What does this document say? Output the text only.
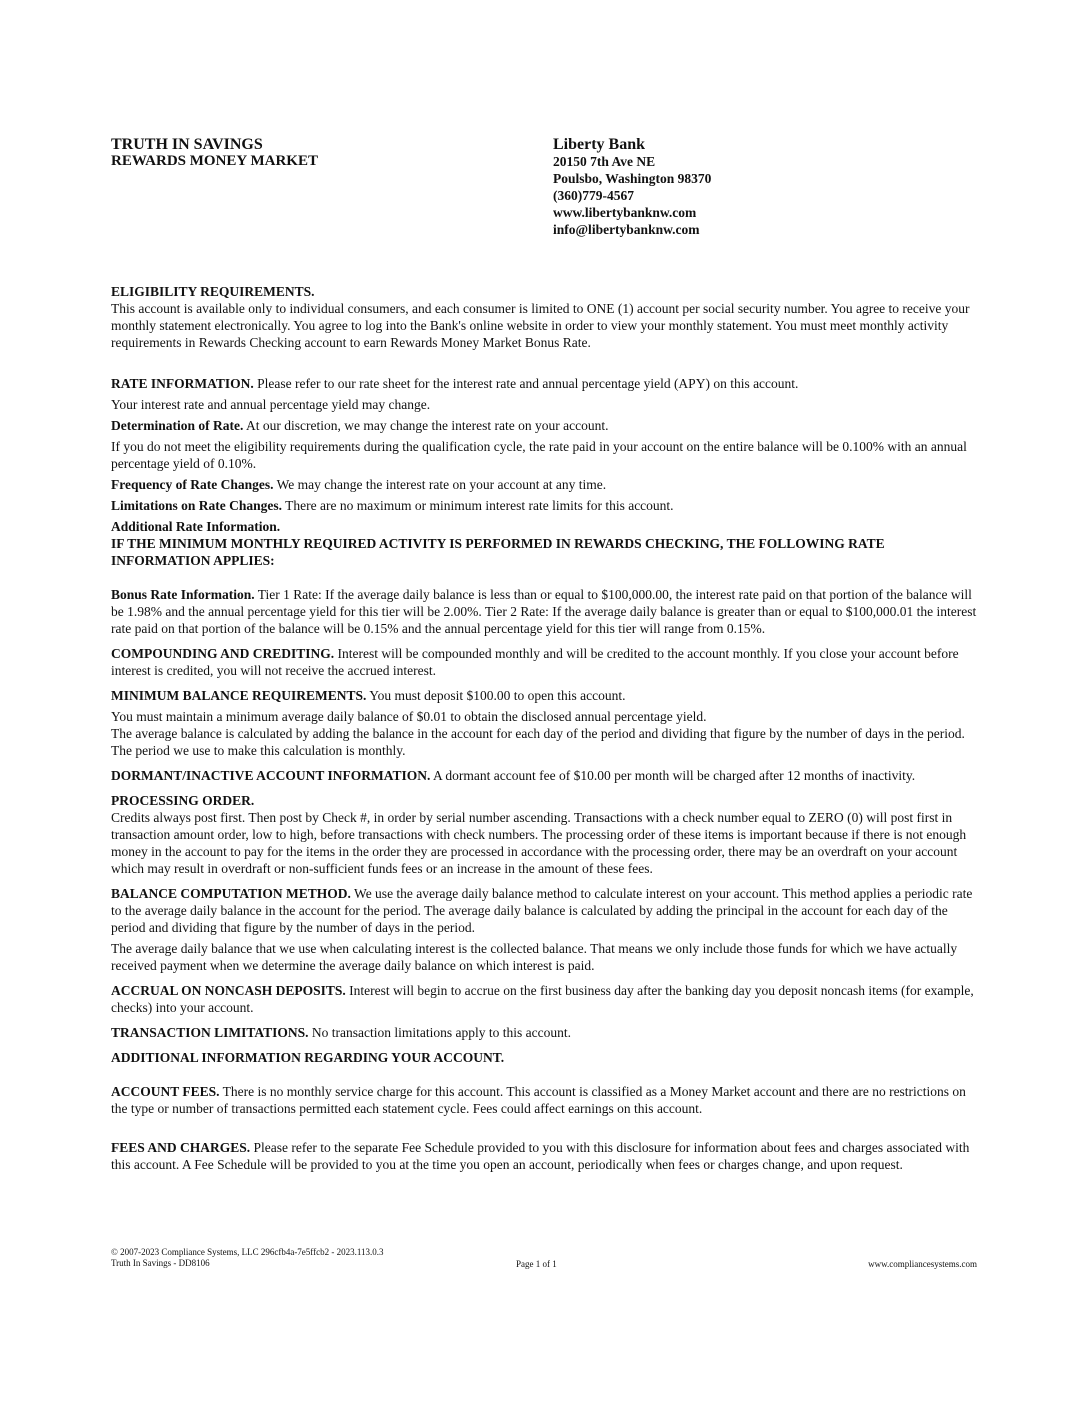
TRUTH IN SAVINGS
REWARDS MONEY MARKET
Liberty Bank
20150 7th Ave NE
Poulsbo, Washington 98370
(360)779-4567
www.libertybanknw.com
info@libertybanknw.com

ELIGIBILITY REQUIREMENTS.

This account is available only to individual consumers, and each consumer is limited to ONE (1) account per social security number. You agree to receive your monthly statement electronically. You agree to log into the Bank's online website in order to view your monthly statement. You must meet monthly activity requirements in Rewards Checking account to earn Rewards Money Market Bonus Rate.

RATE INFORMATION. Please refer to our rate sheet for the interest rate and annual percentage yield (APY) on this account.

Your interest rate and annual percentage yield may change.

Determination of Rate. At our discretion, we may change the interest rate on your account.

If you do not meet the eligibility requirements during the qualification cycle, the rate paid in your account on the entire balance will be 0.100% with an annual percentage yield of 0.10%.

Frequency of Rate Changes. We may change the interest rate on your account at any time.

Limitations on Rate Changes. There are no maximum or minimum interest rate limits for this account.

Additional Rate Information.

IF THE MINIMUM MONTHLY REQUIRED ACTIVITY IS PERFORMED IN REWARDS CHECKING, THE FOLLOWING RATE INFORMATION APPLIES:

Bonus Rate Information. Tier 1 Rate: If the average daily balance is less than or equal to $100,000.00, the interest rate paid on that portion of the balance will be 1.98% and the annual percentage yield for this tier will be 2.00%. Tier 2 Rate: If the average daily balance is greater than or equal to $100,000.01 the interest rate paid on that portion of the balance will be 0.15% and the annual percentage yield for this tier will range from 0.15%.

COMPOUNDING AND CREDITING. Interest will be compounded monthly and will be credited to the account monthly. If you close your account before interest is credited, you will not receive the accrued interest.

MINIMUM BALANCE REQUIREMENTS. You must deposit $100.00 to open this account.

You must maintain a minimum average daily balance of $0.01 to obtain the disclosed annual percentage yield.

The average balance is calculated by adding the balance in the account for each day of the period and dividing that figure by the number of days in the period. The period we use to make this calculation is monthly.

DORMANT/INACTIVE ACCOUNT INFORMATION. A dormant account fee of $10.00 per month will be charged after 12 months of inactivity.

PROCESSING ORDER.

Credits always post first. Then post by Check #, in order by serial number ascending. Transactions with a check number equal to ZERO (0) will post first in transaction amount order, low to high, before transactions with check numbers. The processing order of these items is important because if there is not enough money in the account to pay for the items in the order they are processed in accordance with the processing order, there may be an overdraft on your account which may result in overdraft or non-sufficient funds fees or an increase in the amount of these fees.

BALANCE COMPUTATION METHOD. We use the average daily balance method to calculate interest on your account. This method applies a periodic rate to the average daily balance in the account for the period. The average daily balance is calculated by adding the principal in the account for each day of the period and dividing that figure by the number of days in the period.

The average daily balance that we use when calculating interest is the collected balance. That means we only include those funds for which we have actually received payment when we determine the average daily balance on which interest is paid.

ACCRUAL ON NONCASH DEPOSITS. Interest will begin to accrue on the first business day after the banking day you deposit noncash items (for example, checks) into your account.

TRANSACTION LIMITATIONS. No transaction limitations apply to this account.

ADDITIONAL INFORMATION REGARDING YOUR ACCOUNT.

ACCOUNT FEES. There is no monthly service charge for this account. This account is classified as a Money Market account and there are no restrictions on the type or number of transactions permitted each statement cycle. Fees could affect earnings on this account.

FEES AND CHARGES. Please refer to the separate Fee Schedule provided to you with this disclosure for information about fees and charges associated with this account. A Fee Schedule will be provided to you at the time you open an account, periodically when fees or charges change, and upon request.

© 2007-2023 Compliance Systems, LLC 296cfb4a-7e5ffcb2 - 2023.113.0.3
Truth In Savings - DD8106	Page 1 of 1	www.compliancesystems.com
